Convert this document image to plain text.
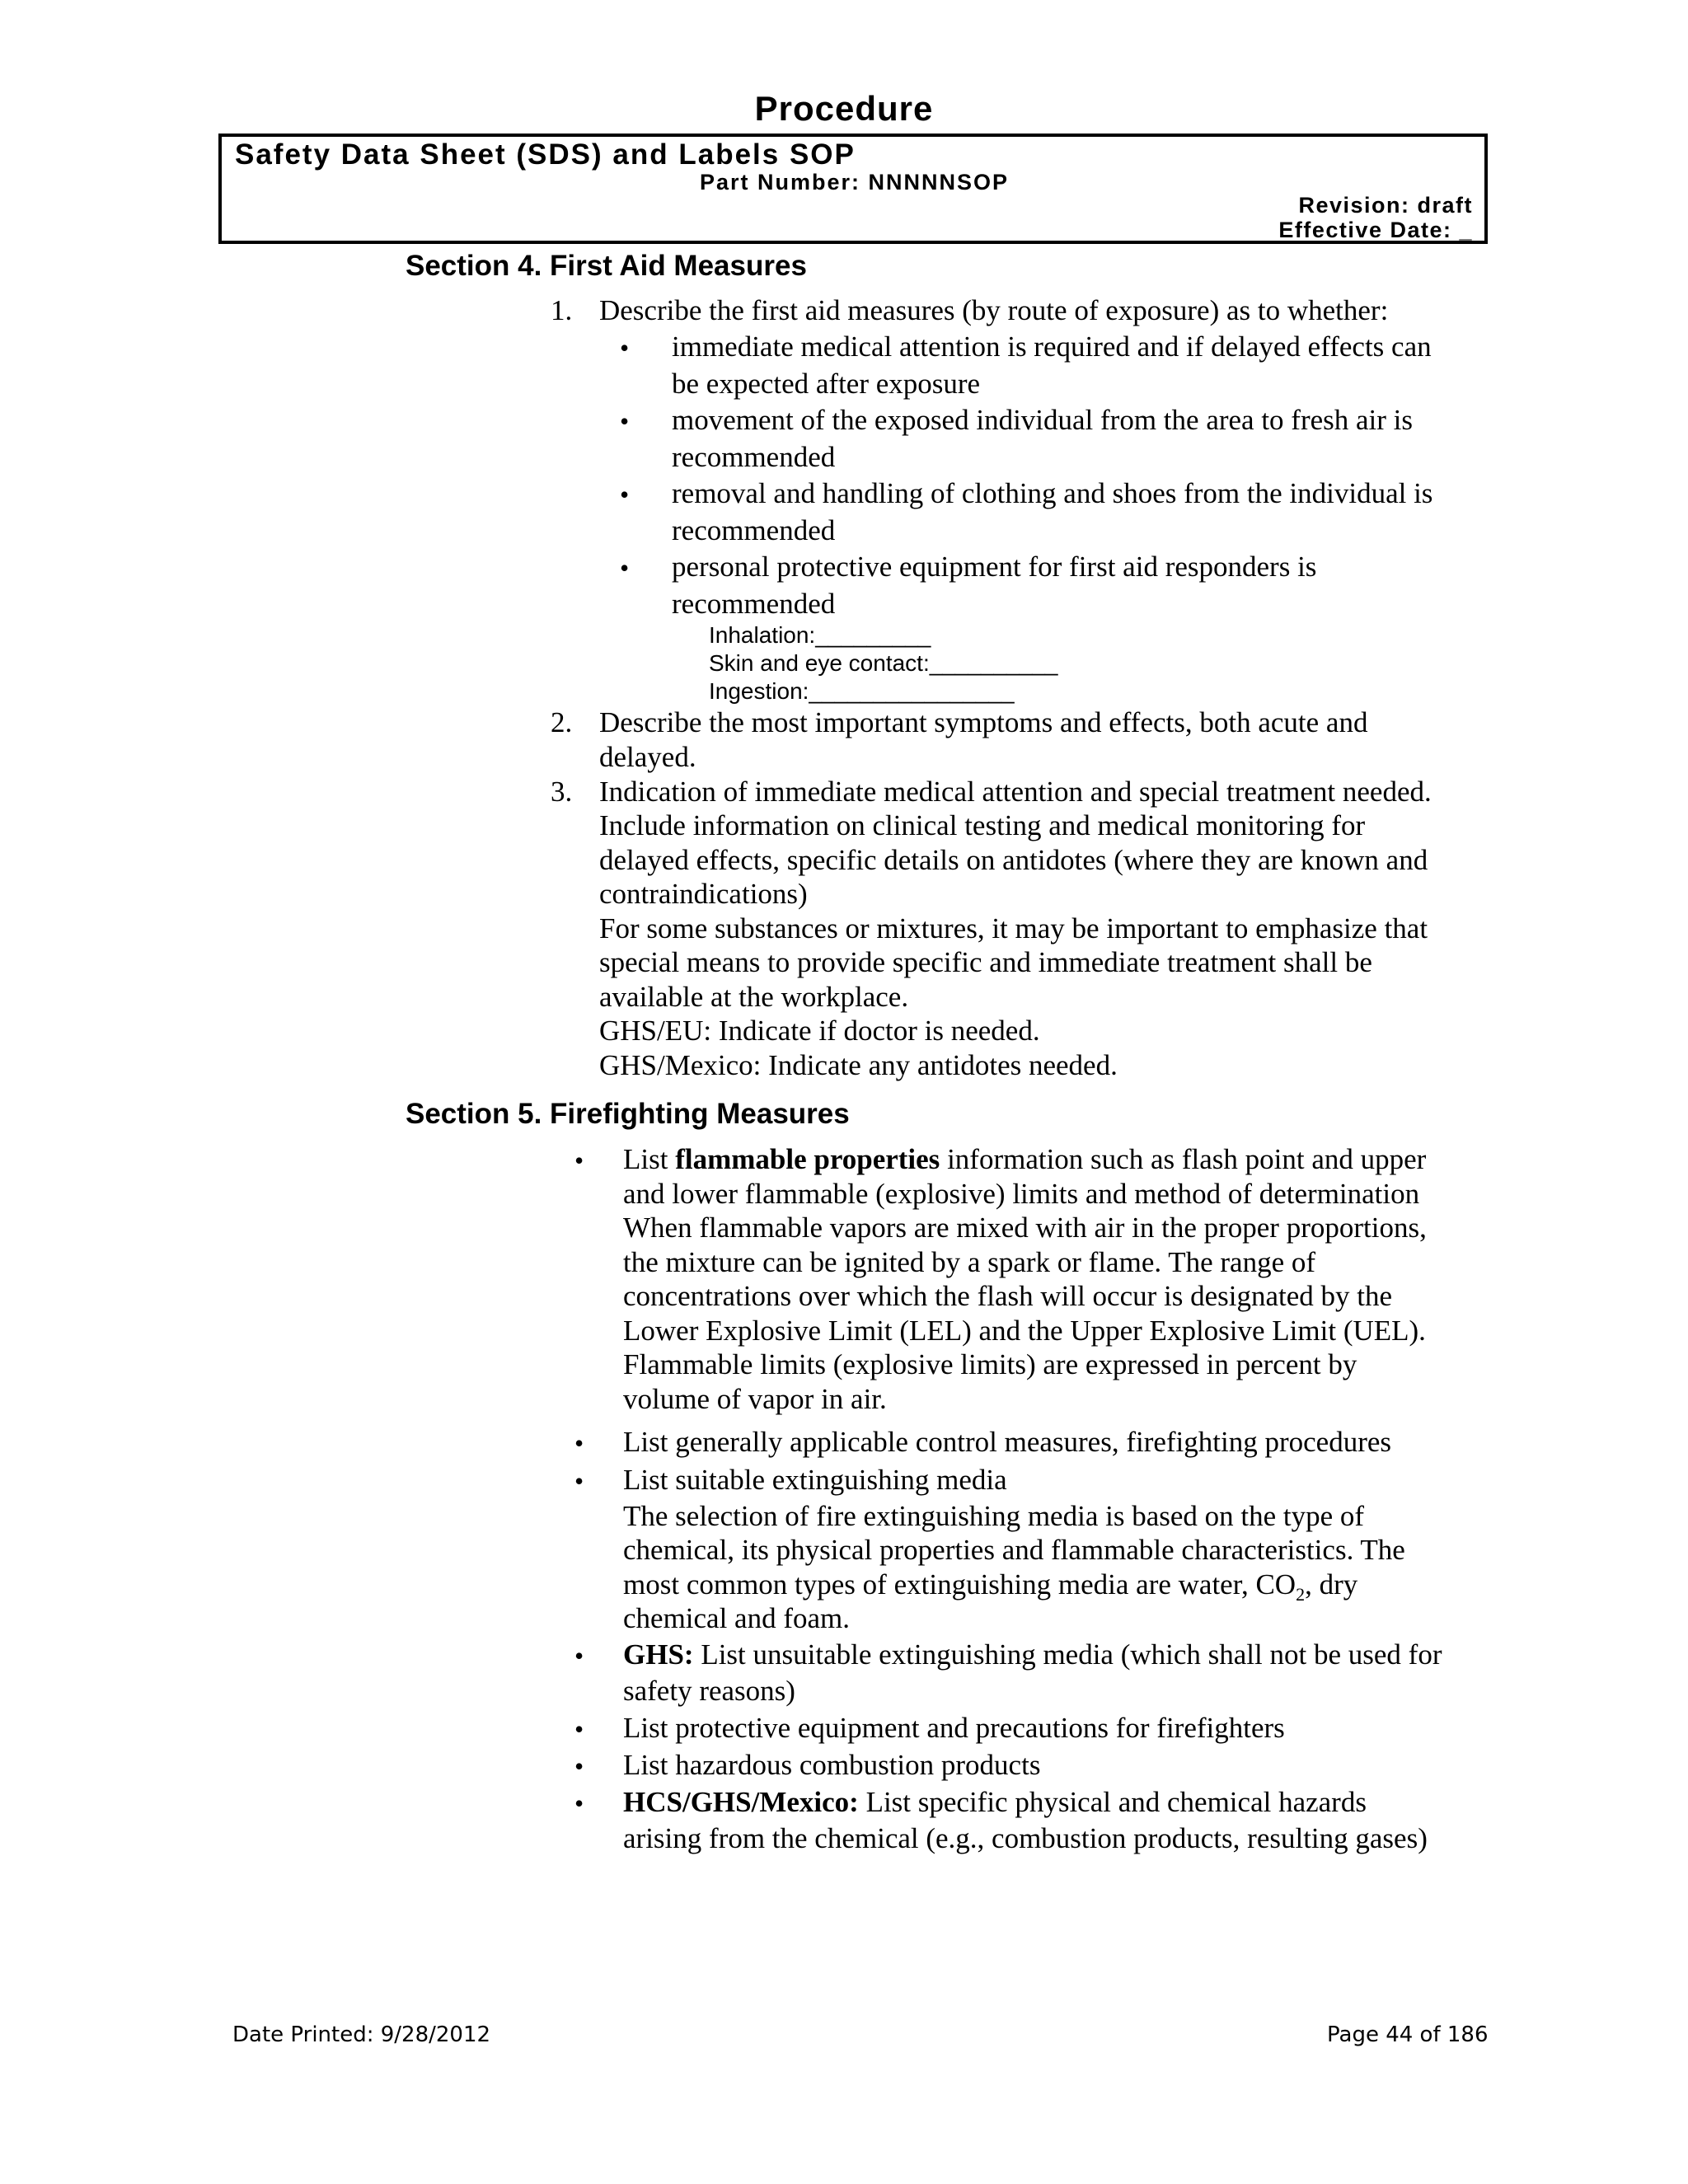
Procedure
Safety Data Sheet (SDS) and Labels SOP
Part Number: NNNNNSOP
Revision: draft
Effective Date: _
Section 4. First Aid Measures
1. Describe the first aid measures (by route of exposure) as to whether:
• immediate medical attention is required and if delayed effects can
be expected after exposure
• movement of the exposed individual from the area to fresh air is
recommended
• removal and handling of clothing and shoes from the individual is
recommended
• personal protective equipment for first aid responders is
recommended
Inhalation:_________
Skin and eye contact:__________
Ingestion:________________
2. Describe the most important symptoms and effects, both acute and
delayed.
3. Indication of immediate medical attention and special treatment needed.
Include information on clinical testing and medical monitoring for
delayed effects, specific details on antidotes (where they are known and
contraindications)
For some substances or mixtures, it may be important to emphasize that
special means to provide specific and immediate treatment shall be
available at the workplace.
GHS/EU: Indicate if doctor is needed.
GHS/Mexico: Indicate any antidotes needed.
Section 5. Firefighting Measures
• List flammable properties information such as flash point and upper
and lower flammable (explosive) limits and method of determination
When flammable vapors are mixed with air in the proper proportions,
the mixture can be ignited by a spark or flame. The range of
concentrations over which the flash will occur is designated by the
Lower Explosive Limit (LEL) and the Upper Explosive Limit (UEL).
Flammable limits (explosive limits) are expressed in percent by
volume of vapor in air.
• List generally applicable control measures, firefighting procedures
• List suitable extinguishing media
The selection of fire extinguishing media is based on the type of
chemical, its physical properties and flammable characteristics. The
most common types of extinguishing media are water, $CO_2$, dry
chemical and foam.
• GHS: List unsuitable extinguishing media (which shall not be used for
safety reasons)
• List protective equipment and precautions for firefighters
• List hazardous combustion products
• HCS/GHS/Mexico: List specific physical and chemical hazards
arising from the chemical (e.g., combustion products, resulting gases)
Date Printed: 9/28/2012	Page 44 of 186
